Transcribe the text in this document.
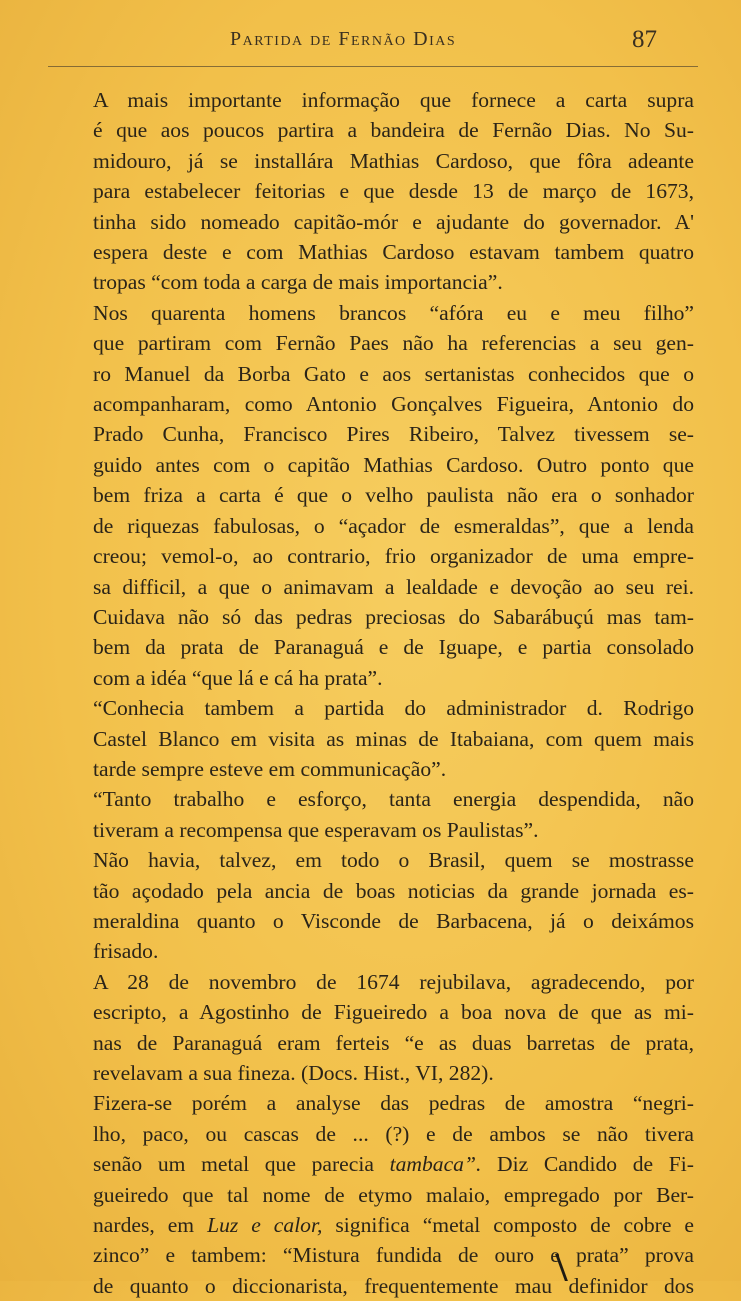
Partida de Fernão Dias	87

A mais importante informação que fornece a carta supra
é que aos poucos partira a bandeira de Fernão Dias. No Su-
midouro, já se installára Mathias Cardoso, que fôra adeante
para estabelecer feitorias e que desde 13 de março de 1673,
tinha sido nomeado capitão-mór e ajudante do governador. A'
espera deste e com Mathias Cardoso estavam tambem quatro
tropas “com toda a carga de mais importancia”.

Nos quarenta homens brancos “afóra eu e meu filho”
que partiram com Fernão Paes não ha referencias a seu gen-
ro Manuel da Borba Gato e aos sertanistas conhecidos que o
acompanharam, como Antonio Gonçalves Figueira, Antonio do
Prado Cunha, Francisco Pires Ribeiro, Talvez tivessem se-
guido antes com o capitão Mathias Cardoso. Outro ponto que
bem friza a carta é que o velho paulista não era o sonhador
de riquezas fabulosas, o “açador de esmeraldas”, que a lenda
creou; vemol-o, ao contrario, frio organizador de uma empre-
sa difficil, a que o animavam a lealdade e devoção ao seu rei.
Cuidava não só das pedras preciosas do Sabarábuçú mas tam-
bem da prata de Paranaguá e de Iguape, e partia consolado
com a idéa “que lá e cá ha prata”.

“Conhecia tambem a partida do administrador d. Rodrigo
Castel Blanco em visita as minas de Itabaiana, com quem mais
tarde sempre esteve em communicação”.

“Tanto trabalho e esforço, tanta energia despendida, não
tiveram a recompensa que esperavam os Paulistas”.

Não havia, talvez, em todo o Brasil, quem se mostrasse
tão açodado pela ancia de boas noticias da grande jornada es-
meraldina quanto o Visconde de Barbacena, já o deixámos
frisado.

A 28 de novembro de 1674 rejubilava, agradecendo, por
escripto, a Agostinho de Figueiredo a boa nova de que as mi-
nas de Paranaguá eram ferteis “e as duas barretas de prata,
revelavam a sua fineza. (Docs. Hist., VI, 282).

Fizera-se porém a analyse das pedras de amostra “negri-
lho, paco, ou cascas de ... (?) e de ambos se não tivera
senão um metal que parecia tambaca”. Diz Candido de Fi-
gueiredo que tal nome de etymo malaio, empregado por Ber-
nardes, em Luz e calor, significa “metal composto de cobre e
zinco” e tambem: “Mistura fundida de ouro e prata” prova
de quanto o diccionarista, frequentemente mau definidor dos
